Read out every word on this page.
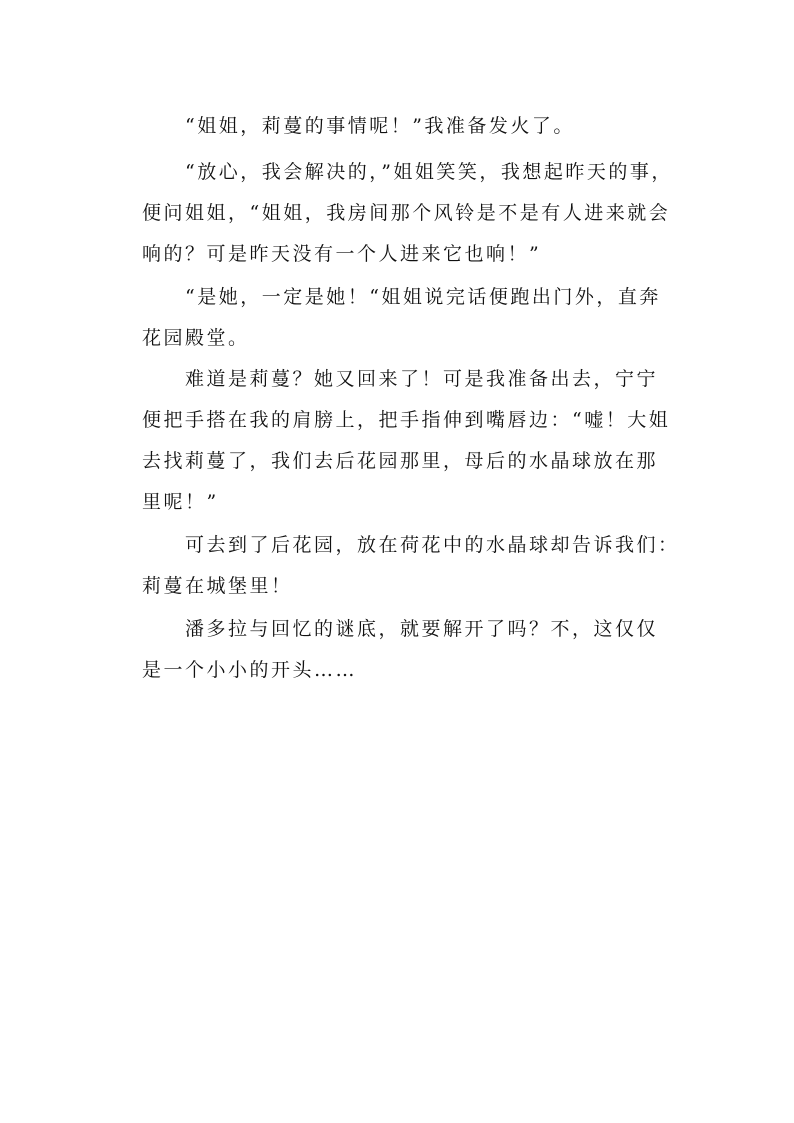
“姐姐，莉蔓的事情呢！”我准备发火了。
“放心，我会解决的，”姐姐笑笑，我想起昨天的事，
便问姐姐，“姐姐，我房间那个风铃是不是有人进来就会
响的？可是昨天没有一个人进来它也响！”
“是她，一定是她！“姐姐说完话便跑出门外，直奔
花园殿堂。
难道是莉蔓？她又回来了！可是我准备出去，宁宁
便把手搭在我的肩膀上，把手指伸到嘴唇边：“嘘！大姐
去找莉蔓了，我们去后花园那里，母后的水晶球放在那
里呢！”
可去到了后花园，放在荷花中的水晶球却告诉我们：
莉蔓在城堡里！
潘多拉与回忆的谜底，就要解开了吗？不，这仅仅
是一个小小的开头……
